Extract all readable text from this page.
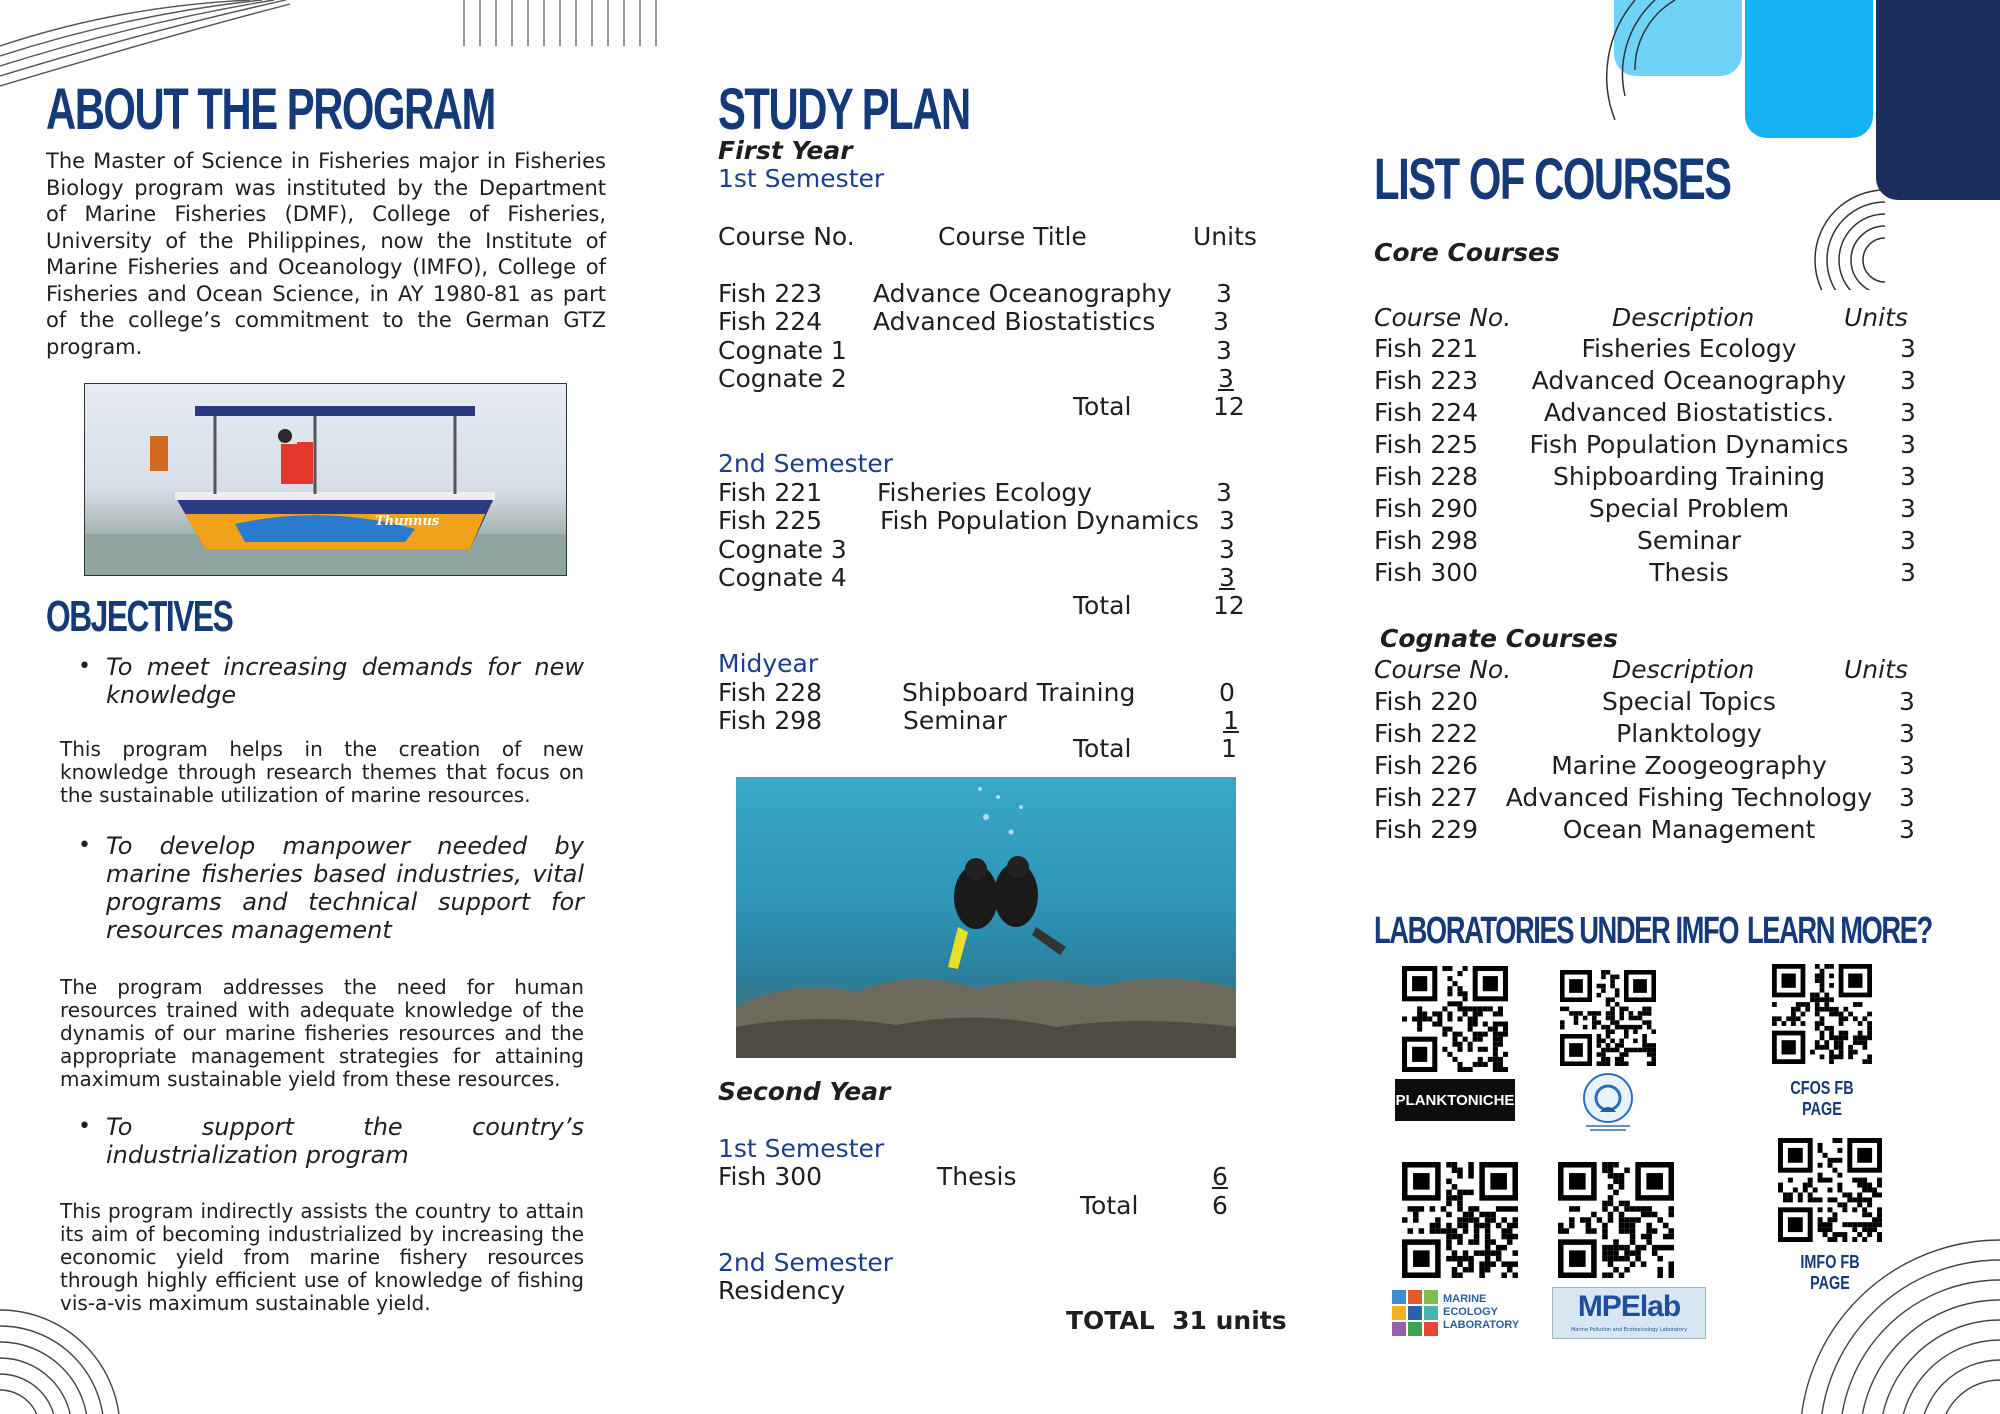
ABOUT THE PROGRAM

The Master of Science in Fisheries major in Fisheries Biology program was instituted by the Department of Marine Fisheries (DMF), College of Fisheries, University of the Philippines, now the Institute of Marine Fisheries and Oceanology (IMFO), College of Fisheries and Ocean Science, in AY 1980-81 as part of the college’s commitment to the German GTZ program.

Thunnus
OBJECTIVES
• To meet increasing demands for new knowledge

This program helps in the creation of new knowledge through research themes that focus on the sustainable utilization of marine resources.

• To develop manpower needed by marine fisheries based industries, vital programs and technical support for resources management

The program addresses the need for human resources trained with adequate knowledge of the dynamis of our marine fisheries resources and the appropriate management strategies for attaining maximum sustainable yield from these resources.

• To support the country’s industrialization program

This program indirectly assists the country to attain its aim of becoming industrialized by increasing the economic yield from marine fishery resources through highly efficient use of knowledge of fishing vis-a-vis maximum sustainable yield.

STUDY PLAN
First Year
1st Semester
Course No.	Course Title	Units
Fish 223 Advance Oceanography 3
Fish 224 Advanced Biostatistics 3
Cognate 1	3
Cognate 2	3
Total	12
2nd Semester
Fish 221 Fisheries Ecology	3
Fish 225 Fish Population Dynamics 3
Cognate 3	3
Cognate 4	3
Total	12
Midyear
Fish 228	Shipboard Training	0
Fish 298	Seminar	1
Total	1
Second Year
1st Semester
Fish 300	Thesis	6
Total	6
2nd Semester
Residency
TOTAL  31 units
LIST OF COURSES
Core Courses
Course No.	Description	Units
Fish 221	Fisheries Ecology	3
Fish 223	Advanced Oceanography	3
Fish 224	Advanced Biostatistics.	3
Fish 225	Fish Population Dynamics	3
Fish 228	Shipboarding Training	3
Fish 290	Special Problem	3
Fish 298	Seminar	3
Fish 300	Thesis	3
Cognate Courses
Course No.	Description	Units
Fish 220	Special Topics	3
Fish 222	Planktology	3
Fish 226	Marine Zoogeography	3
Fish 227	Advanced Fishing Technology	3
Fish 229	Ocean Management	3
LABORATORIES UNDER IMFO LEARN MORE?
PLANKTONICHE
CFOS FB PAGE
IMFO FB PAGE
MARINE
ECOLOGY
LABORATORY
MPElab
Marine Pollution and Ecotoxicology Laboratory
